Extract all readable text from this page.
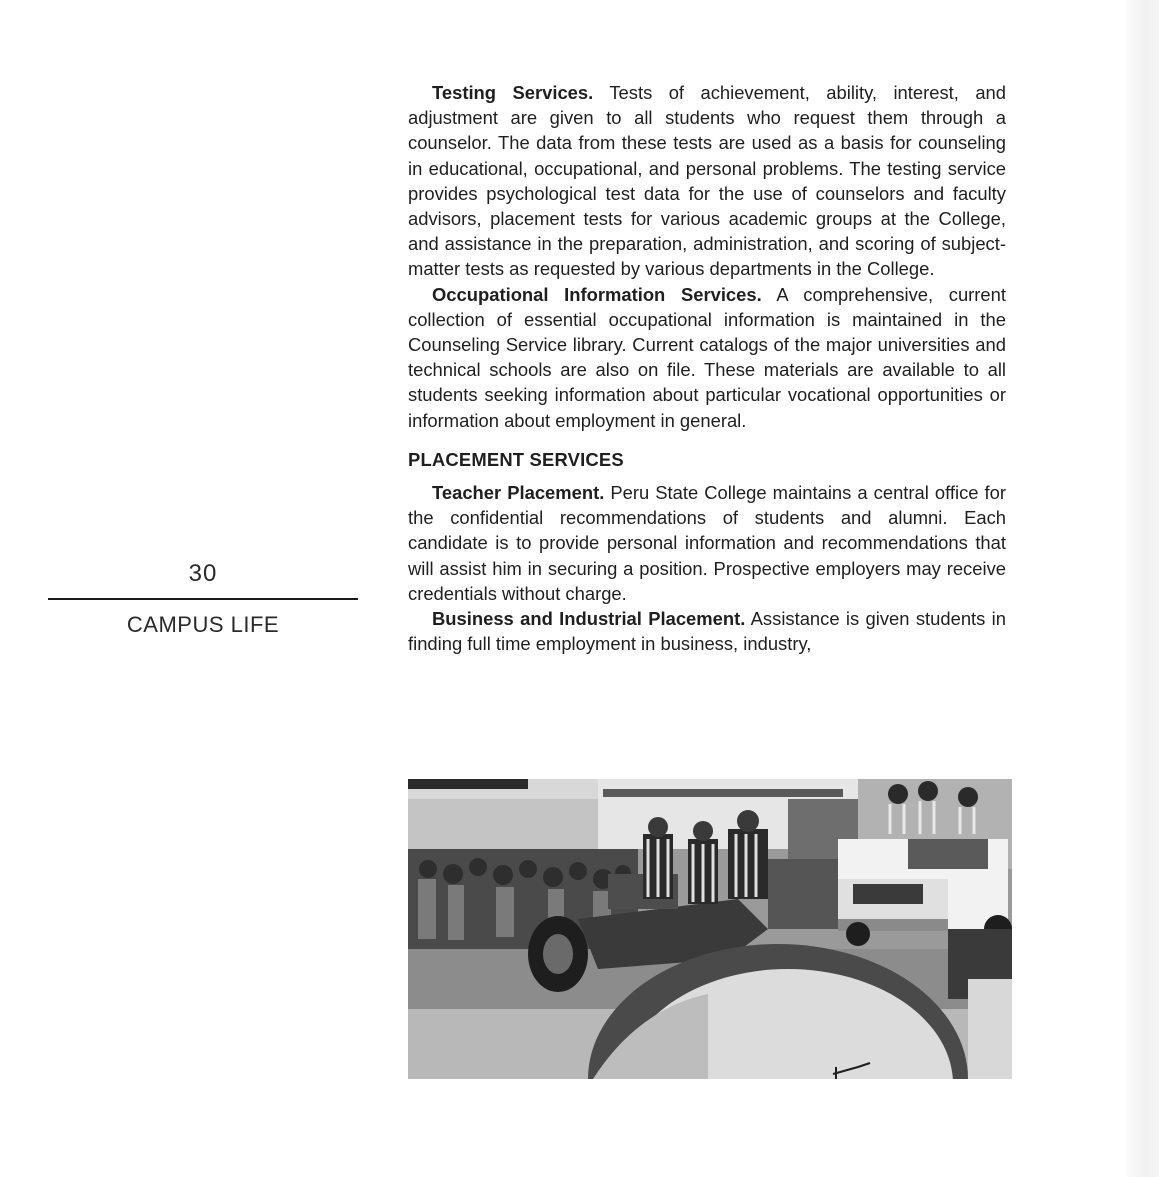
30
CAMPUS LIFE

Testing Services. Tests of achievement, ability, interest, and adjustment are given to all students who request them through a counselor. The data from these tests are used as a basis for counseling in educational, occupational, and personal problems. The testing service provides psychological test data for the use of counselors and faculty advisors, placement tests for various academic groups at the College, and assistance in the preparation, administration, and scoring of subject-matter tests as requested by various departments in the College.

Occupational Information Services. A comprehensive, current collection of essential occupational information is maintained in the Counseling Service library. Current catalogs of the major universities and technical schools are also on file. These materials are available to all students seeking information about particular vocational opportunities or information about employment in general.

PLACEMENT SERVICES

Teacher Placement. Peru State College maintains a central office for the confidential recommendations of students and alumni. Each candidate is to provide personal information and recommendations that will assist him in securing a position. Prospective employers may receive credentials without charge.

Business and Industrial Placement. Assistance is given students in finding full time employment in business, industry,
